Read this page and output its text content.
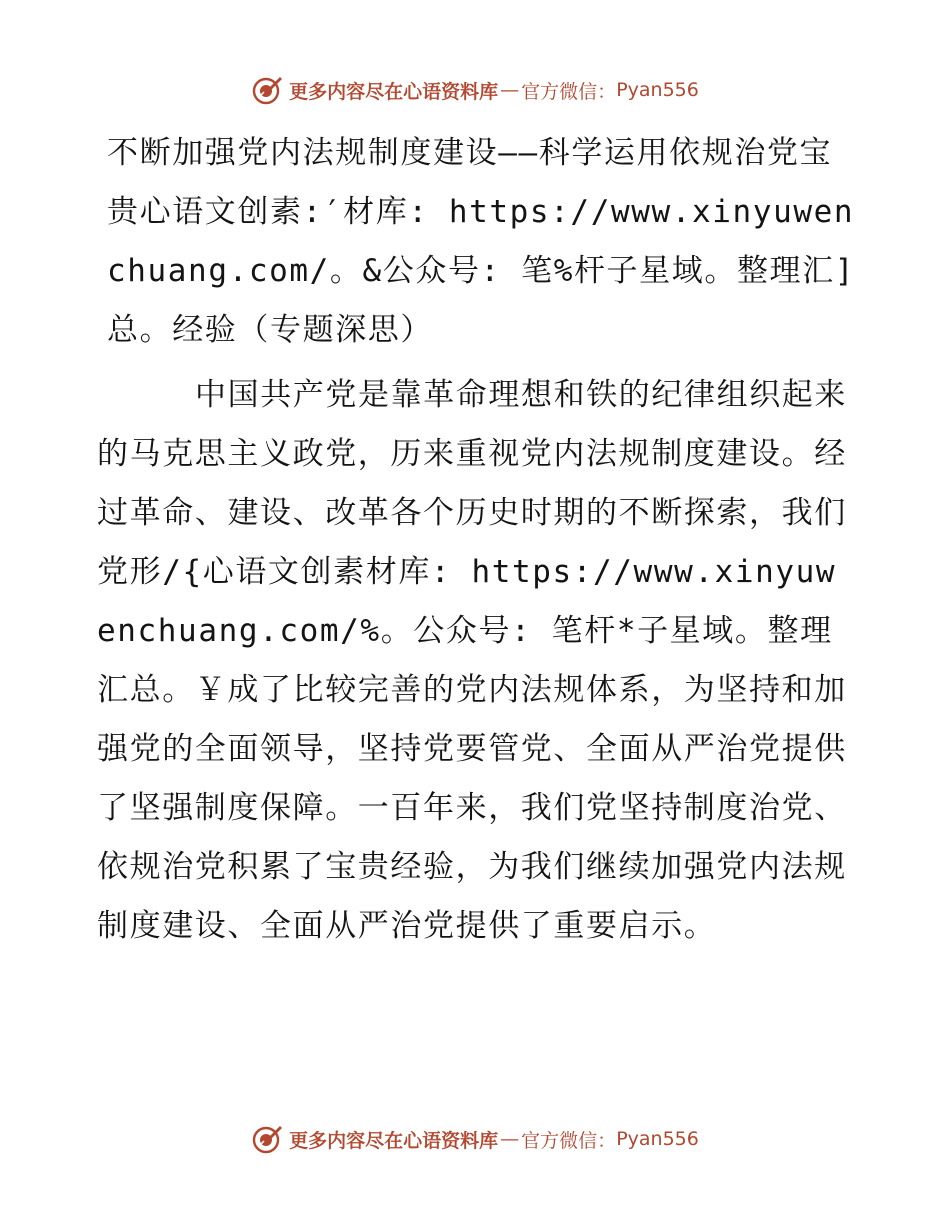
更多内容尽在心语资料库 — 官方微信： Pyan556

不断加强党内法规制度建设——科学运用依规治党宝贵心语文创素:′材库: https://www.xinyuwenchuang.com/。&公众号: 笔%杆子星域。整理汇]总。经验（专题深思）

中国共产党是靠革命理想和铁的纪律组织起来的马克思主义政党，历来重视党内法规制度建设。经过革命、建设、改革各个历史时期的不断探索，我们党形/{心语文创素材库: https://www.xinyuwenchuang.com/%。公众号: 笔杆*子星域。整理汇总。￥成了比较完善的党内法规体系，为坚持和加强党的全面领导，坚持党要管党、全面从严治党提供了坚强制度保障。一百年来，我们党坚持制度治党、依规治党积累了宝贵经验，为我们继续加强党内法规制度建设、全面从严治党提供了重要启示。

更多内容尽在心语资料库 — 官方微信： Pyan556
